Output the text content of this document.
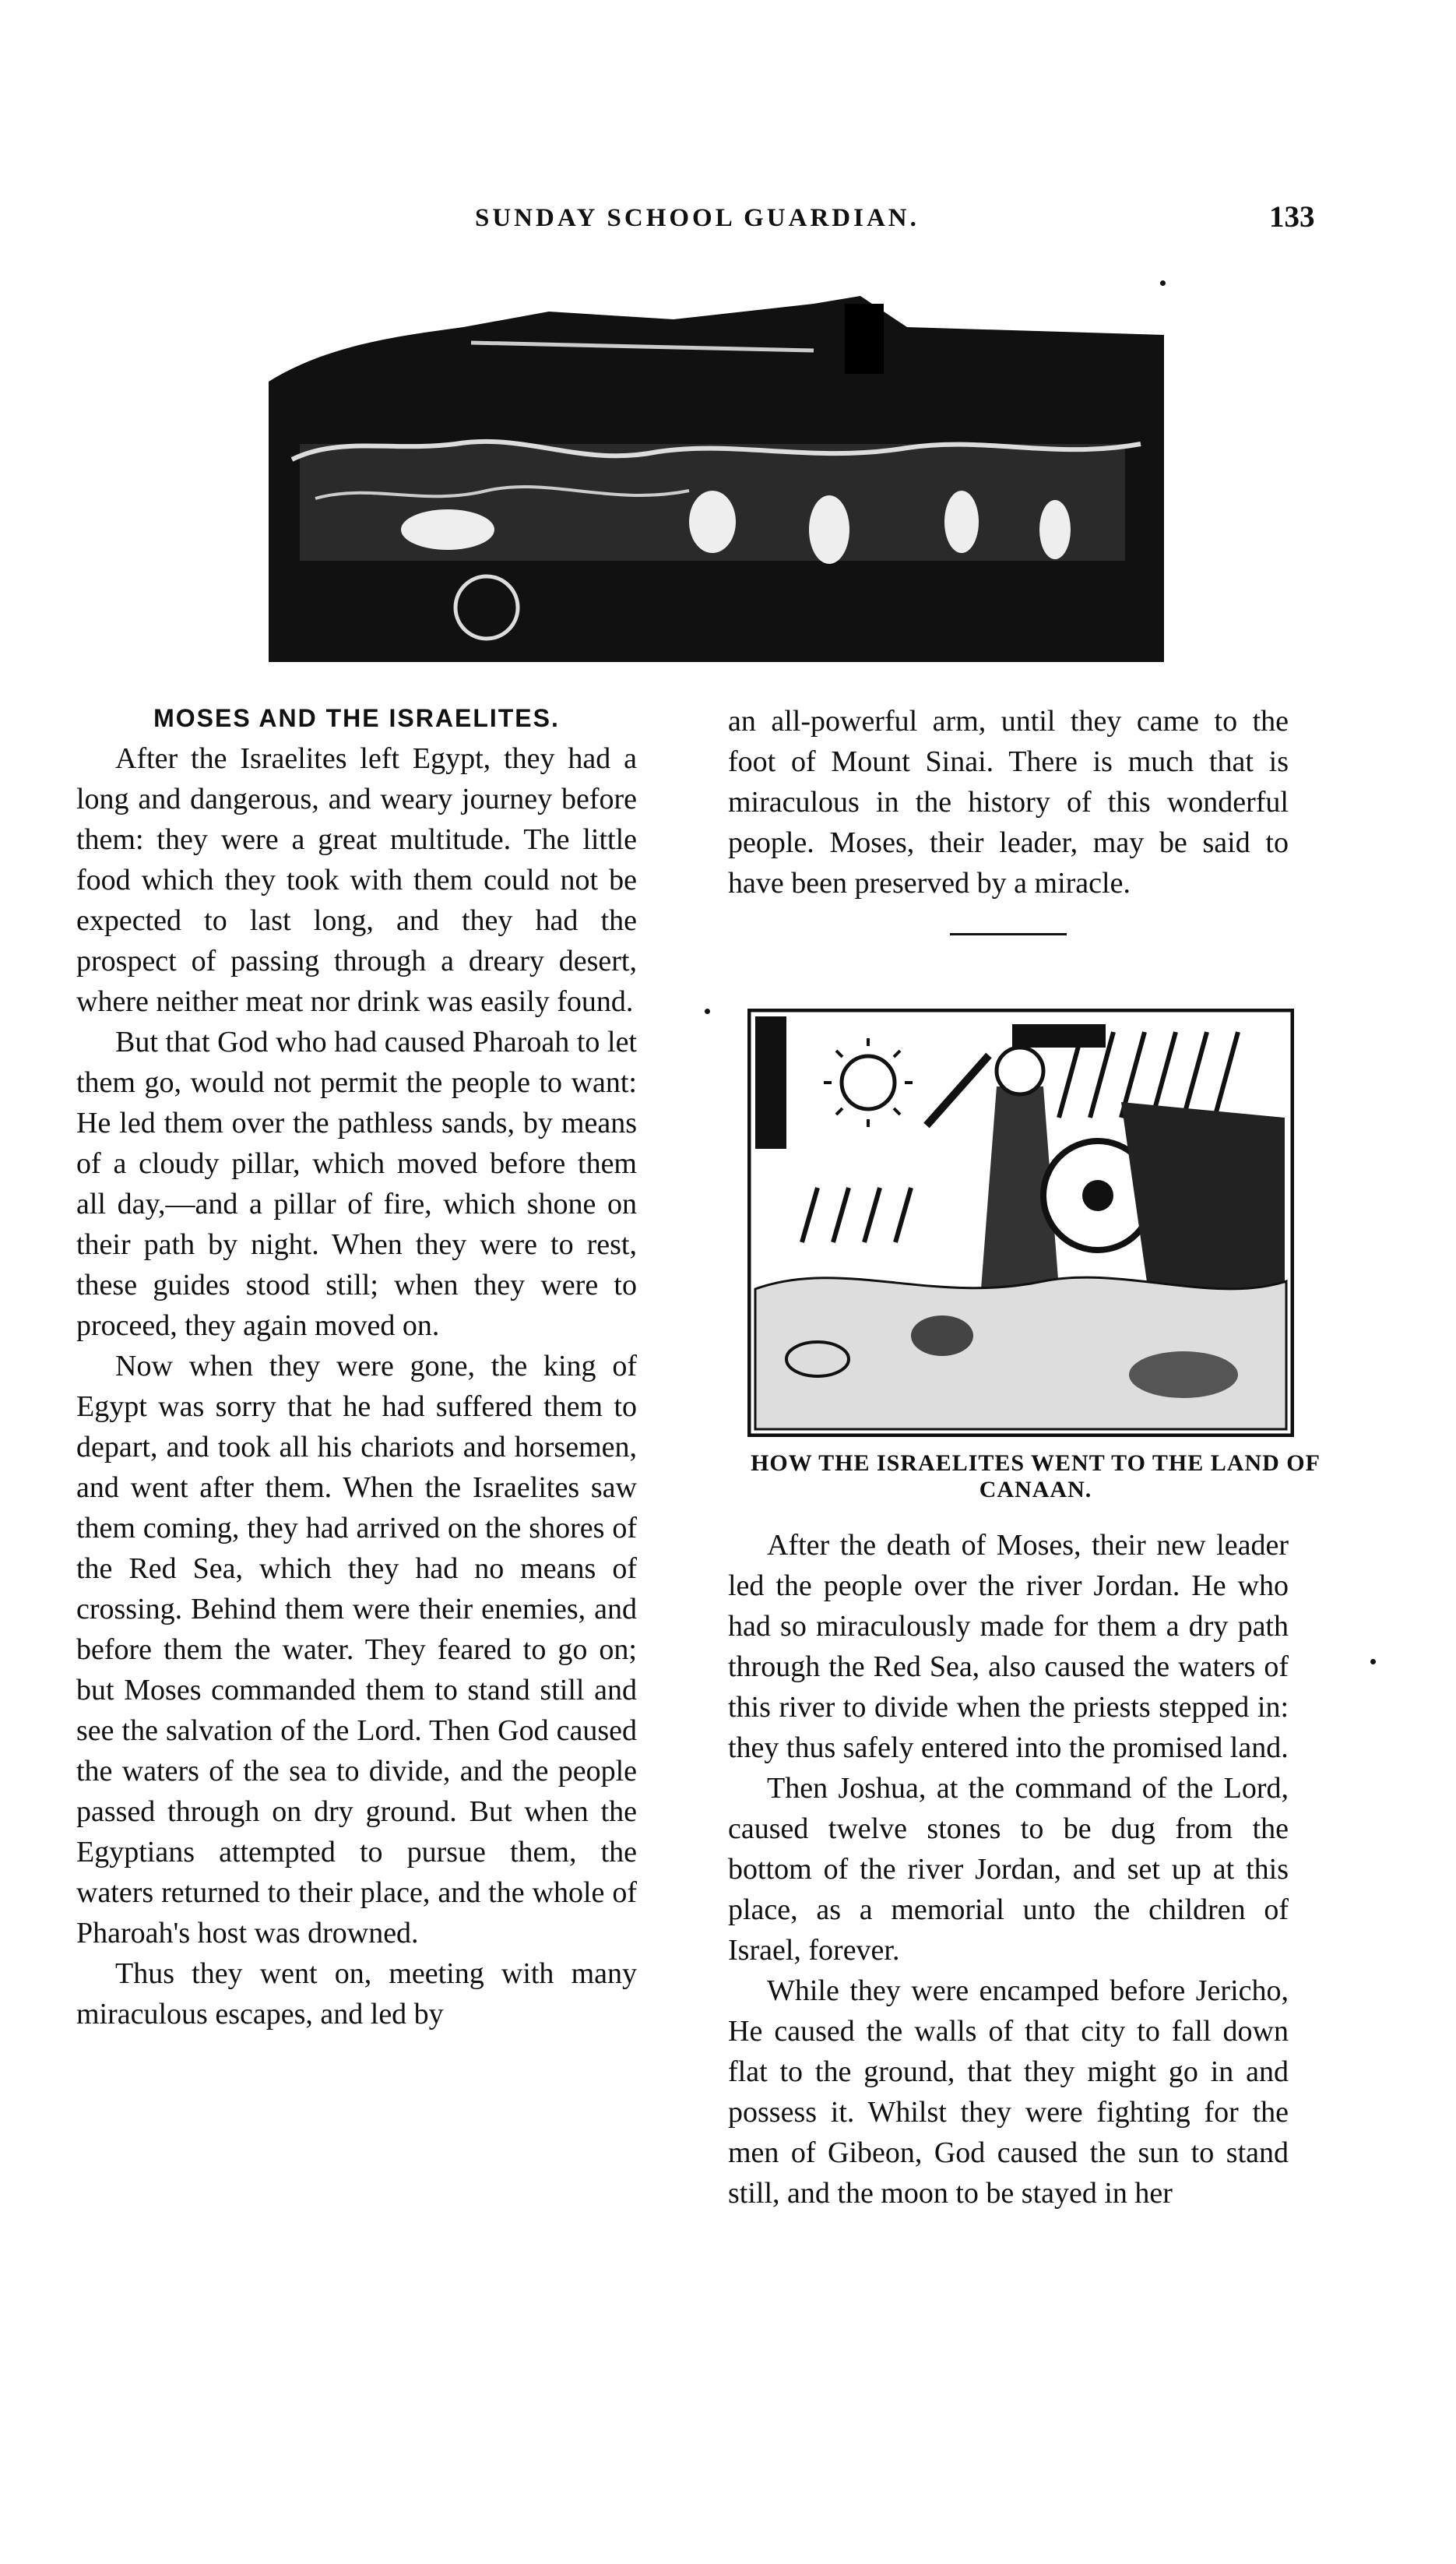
SUNDAY SCHOOL GUARDIAN.	133
MOSES AND THE ISRAELITES.

After the Israelites left Egypt, they had a long and dangerous, and weary journey before them: they were a great multitude. The little food which they took with them could not be expected to last long, and they had the prospect of passing through a dreary desert, where neither meat nor drink was easily found.

But that God who had caused Pharoah to let them go, would not permit the people to want: He led them over the pathless sands, by means of a cloudy pillar, which moved before them all day,—and a pillar of fire, which shone on their path by night. When they were to rest, these guides stood still; when they were to proceed, they again moved on.

Now when they were gone, the king of Egypt was sorry that he had suffered them to depart, and took all his chariots and horsemen, and went after them. When the Israelites saw them coming, they had arrived on the shores of the Red Sea, which they had no means of crossing. Behind them were their enemies, and before them the water. They feared to go on; but Moses commanded them to stand still and see the salvation of the Lord. Then God caused the waters of the sea to divide, and the people passed through on dry ground. But when the Egyptians attempted to pursue them, the waters returned to their place, and the whole of Pharoah's host was drowned.

Thus they went on, meeting with many miraculous escapes, and led by

an all-powerful arm, until they came to the foot of Mount Sinai. There is much that is miraculous in the history of this wonderful people. Moses, their leader, may be said to have been preserved by a miracle.

HOW THE ISRAELITES WENT TO THE LAND OF CANAAN.

After the death of Moses, their new leader led the people over the river Jordan. He who had so miraculously made for them a dry path through the Red Sea, also caused the waters of this river to divide when the priests stepped in: they thus safely entered into the promised land.

Then Joshua, at the command of the Lord, caused twelve stones to be dug from the bottom of the river Jordan, and set up at this place, as a memorial unto the children of Israel, forever.

While they were encamped before Jericho, He caused the walls of that city to fall down flat to the ground, that they might go in and possess it. Whilst they were fighting for the men of Gibeon, God caused the sun to stand still, and the moon to be stayed in her
